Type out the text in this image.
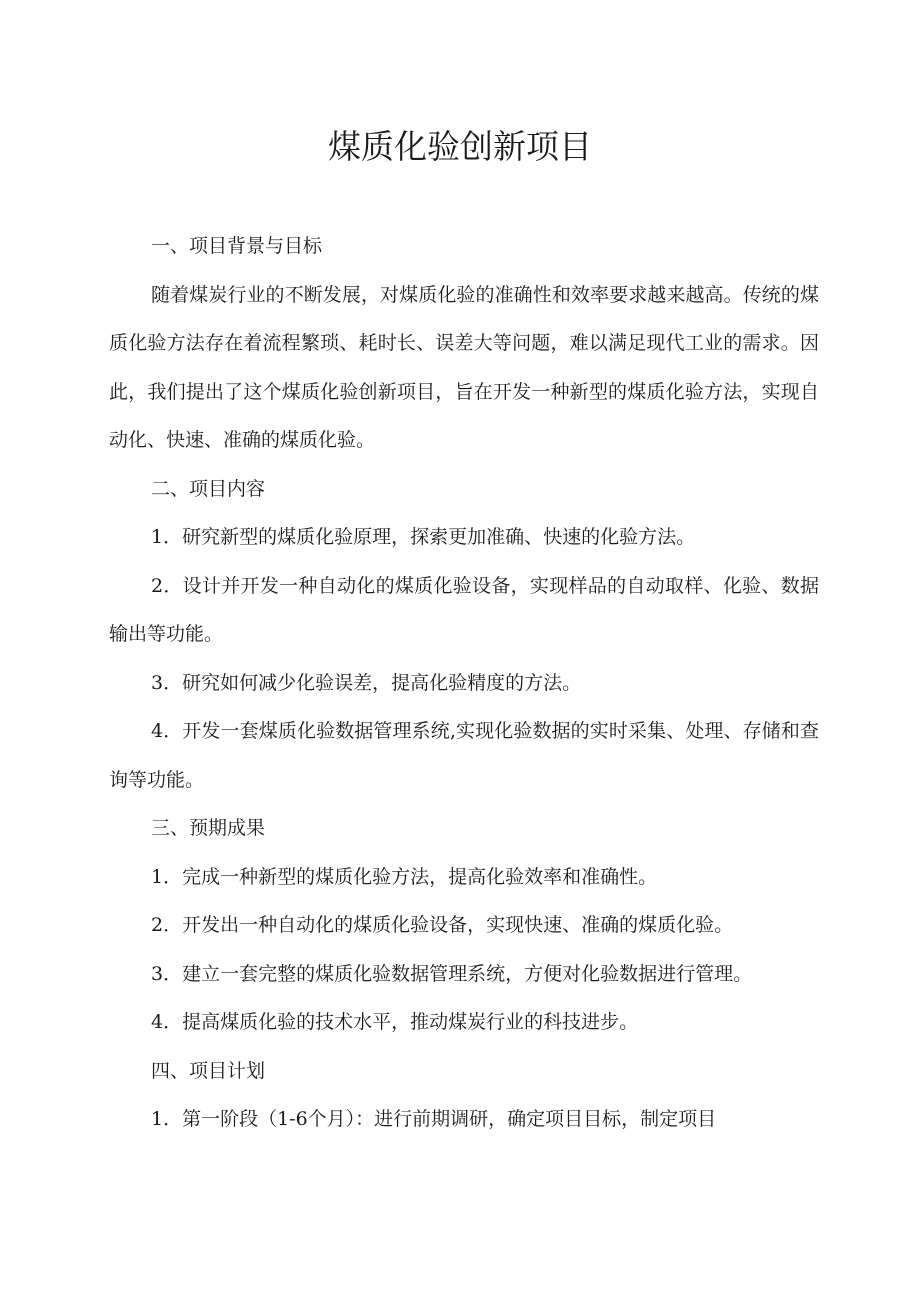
煤质化验创新项目

一、项目背景与目标

随着煤炭行业的不断发展，对煤质化验的准确性和效率要求越来越高。传统的煤质化验方法存在着流程繁琐、耗时长、误差大等问题，难以满足现代工业的需求。因此，我们提出了这个煤质化验创新项目，旨在开发一种新型的煤质化验方法，实现自动化、快速、准确的煤质化验。

二、项目内容

1．研究新型的煤质化验原理，探索更加准确、快速的化验方法。

2．设计并开发一种自动化的煤质化验设备，实现样品的自动取样、化验、数据输出等功能。

3．研究如何减少化验误差，提高化验精度的方法。

4．开发一套煤质化验数据管理系统,实现化验数据的实时采集、处理、存储和查询等功能。

三、预期成果

1．完成一种新型的煤质化验方法，提高化验效率和准确性。

2．开发出一种自动化的煤质化验设备，实现快速、准确的煤质化验。

3．建立一套完整的煤质化验数据管理系统，方便对化验数据进行管理。

4．提高煤质化验的技术水平，推动煤炭行业的科技进步。

四、项目计划

1．第一阶段（1-6个月）：进行前期调研，确定项目目标，制定项目
